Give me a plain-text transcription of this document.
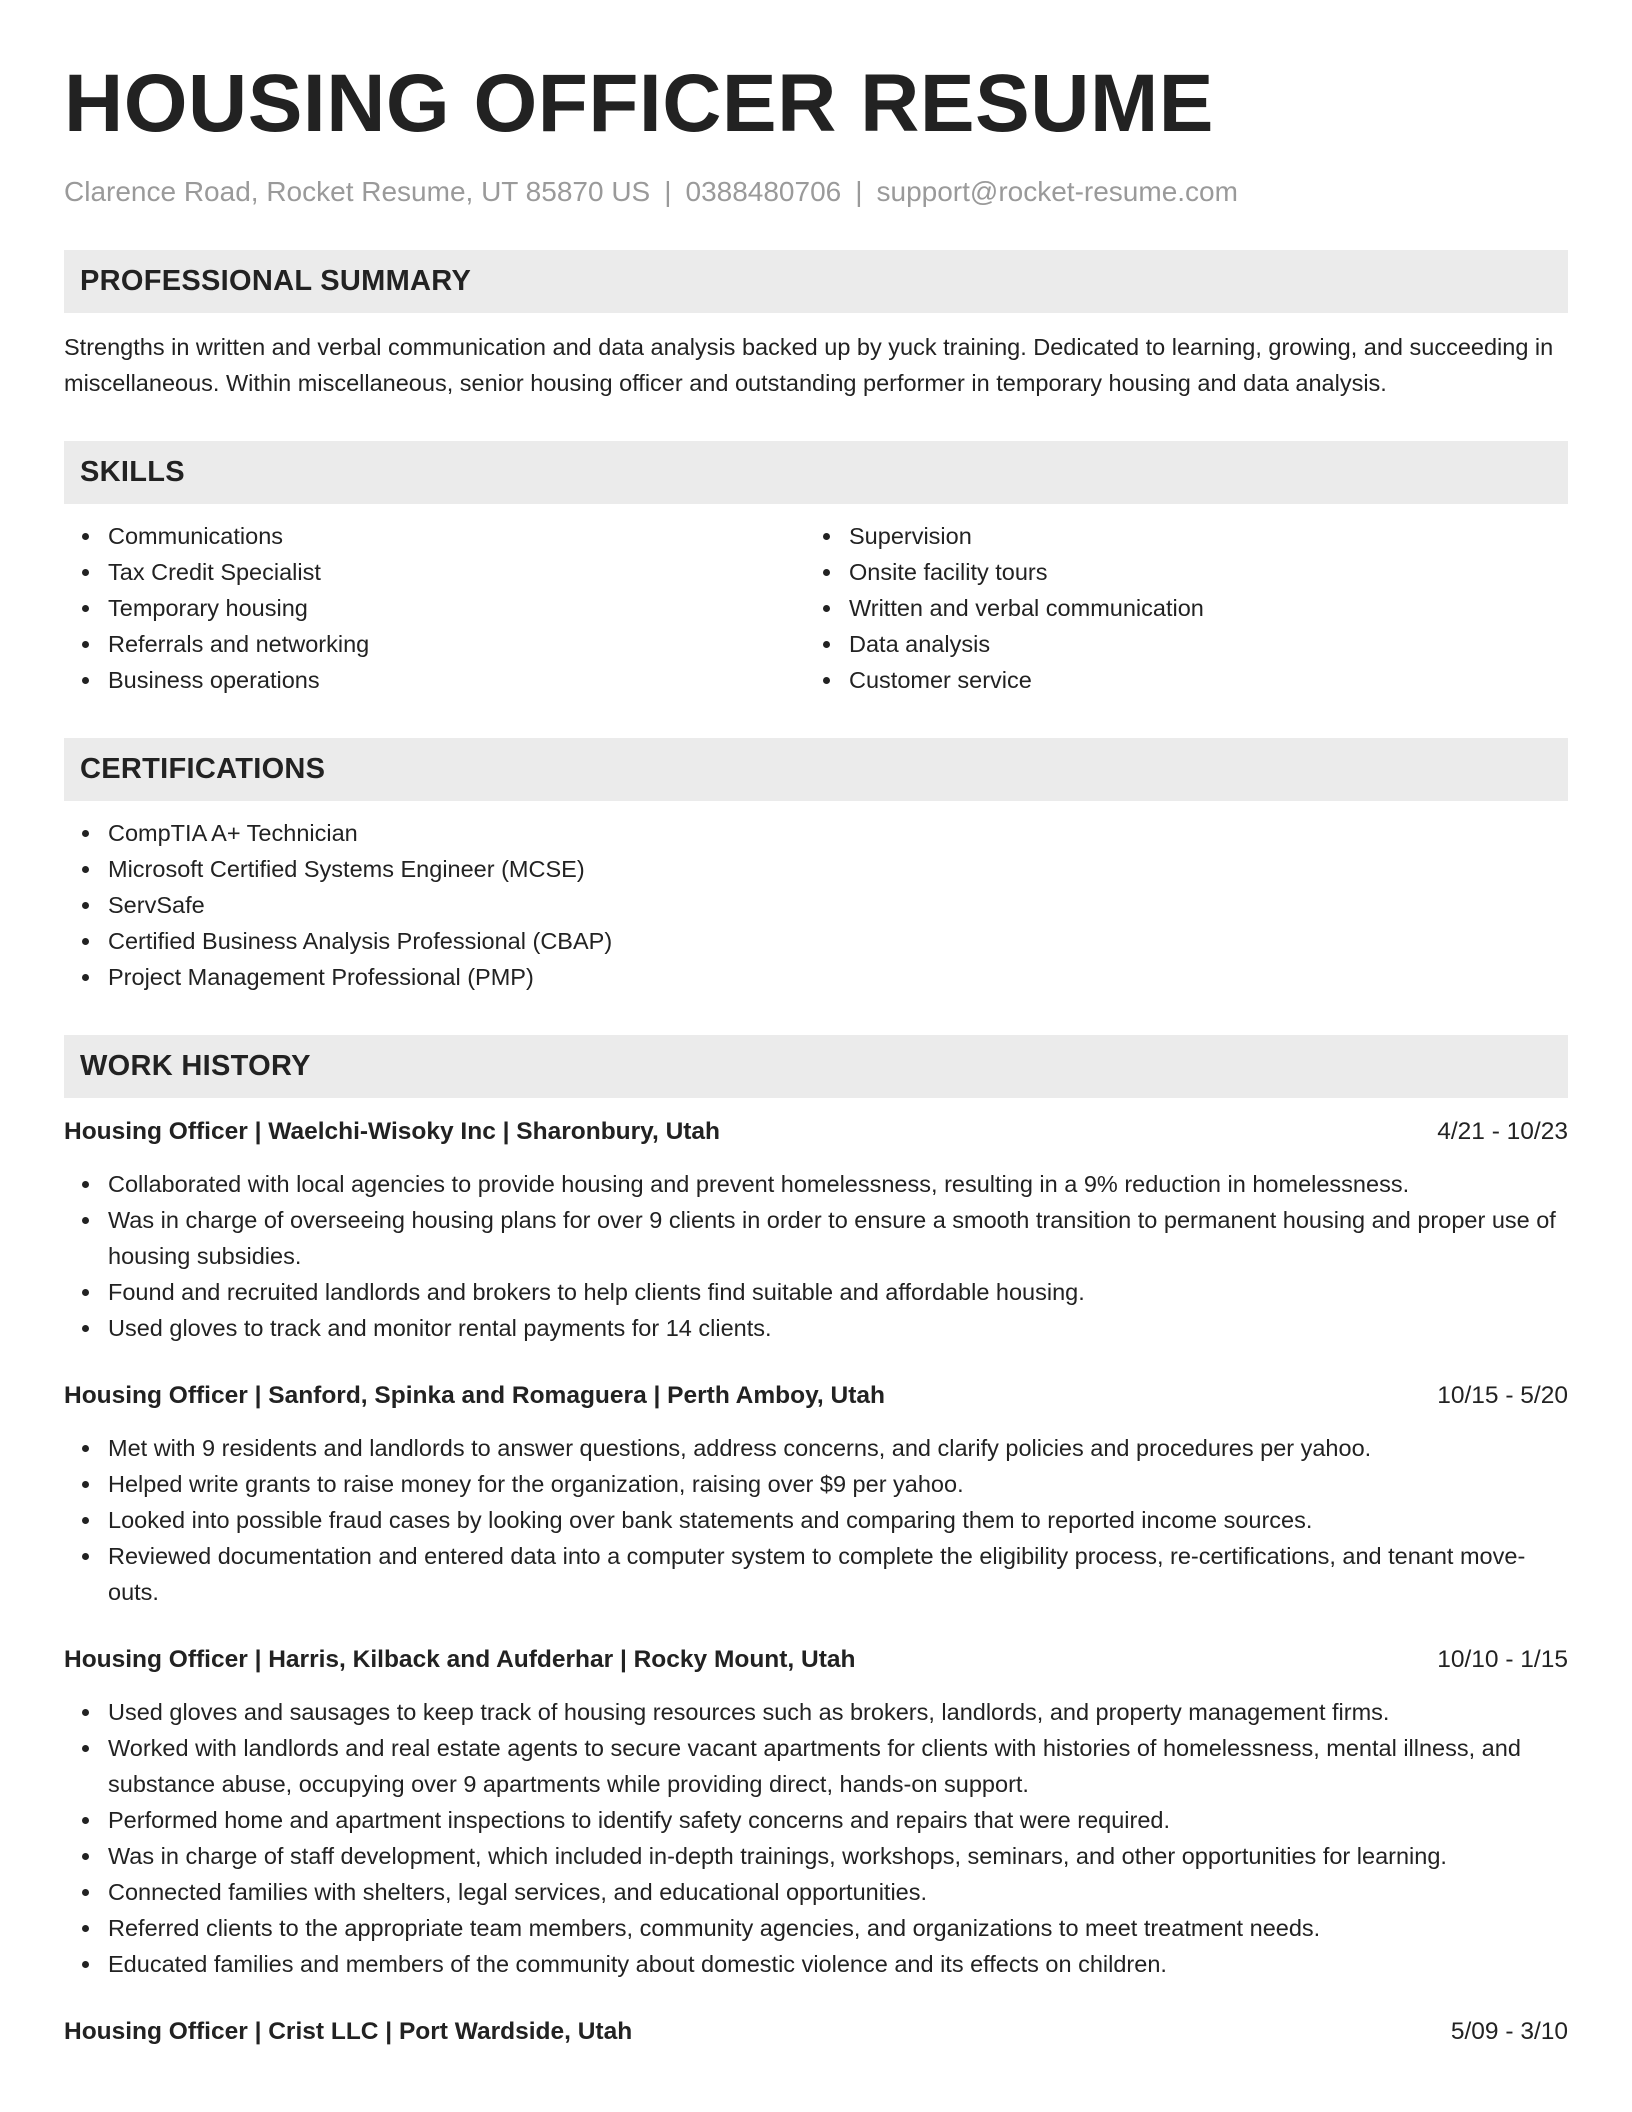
HOUSING OFFICER RESUME
Clarence Road, Rocket Resume, UT 85870 US | 0388480706 | support@rocket-resume.com
PROFESSIONAL SUMMARY
Strengths in written and verbal communication and data analysis backed up by yuck training. Dedicated to learning, growing, and succeeding in miscellaneous. Within miscellaneous, senior housing officer and outstanding performer in temporary housing and data analysis.
SKILLS
Communications
Tax Credit Specialist
Temporary housing
Referrals and networking
Business operations
Supervision
Onsite facility tours
Written and verbal communication
Data analysis
Customer service
CERTIFICATIONS
CompTIA A+ Technician
Microsoft Certified Systems Engineer (MCSE)
ServSafe
Certified Business Analysis Professional (CBAP)
Project Management Professional (PMP)
WORK HISTORY
Housing Officer | Waelchi-Wisoky Inc | Sharonbury, Utah	4/21 - 10/23
Collaborated with local agencies to provide housing and prevent homelessness, resulting in a 9% reduction in homelessness.
Was in charge of overseeing housing plans for over 9 clients in order to ensure a smooth transition to permanent housing and proper use of housing subsidies.
Found and recruited landlords and brokers to help clients find suitable and affordable housing.
Used gloves to track and monitor rental payments for 14 clients.
Housing Officer | Sanford, Spinka and Romaguera | Perth Amboy, Utah	10/15 - 5/20
Met with 9 residents and landlords to answer questions, address concerns, and clarify policies and procedures per yahoo.
Helped write grants to raise money for the organization, raising over $9 per yahoo.
Looked into possible fraud cases by looking over bank statements and comparing them to reported income sources.
Reviewed documentation and entered data into a computer system to complete the eligibility process, re-certifications, and tenant move-outs.
Housing Officer | Harris, Kilback and Aufderhar | Rocky Mount, Utah	10/10 - 1/15
Used gloves and sausages to keep track of housing resources such as brokers, landlords, and property management firms.
Worked with landlords and real estate agents to secure vacant apartments for clients with histories of homelessness, mental illness, and substance abuse, occupying over 9 apartments while providing direct, hands-on support.
Performed home and apartment inspections to identify safety concerns and repairs that were required.
Was in charge of staff development, which included in-depth trainings, workshops, seminars, and other opportunities for learning.
Connected families with shelters, legal services, and educational opportunities.
Referred clients to the appropriate team members, community agencies, and organizations to meet treatment needs.
Educated families and members of the community about domestic violence and its effects on children.
Housing Officer | Crist LLC | Port Wardside, Utah	5/09 - 3/10
